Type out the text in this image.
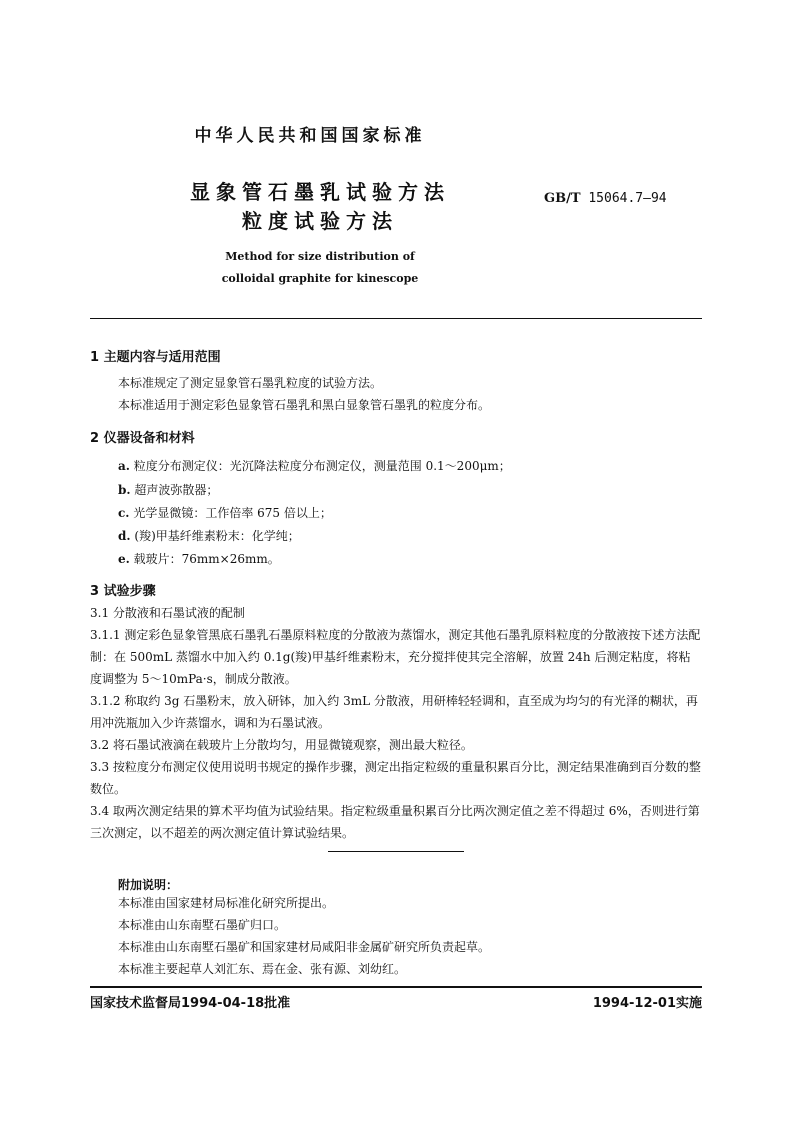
中华人民共和国国家标准
显象管石墨乳试验方法
粒度试验方法
GB/T 15064.7—94
Method for size distribution of
colloidal graphite for kinescope
1 主题内容与适用范围
本标准规定了测定显象管石墨乳粒度的试验方法。
本标准适用于测定彩色显象管石墨乳和黑白显象管石墨乳的粒度分布。
2 仪器设备和材料
a. 粒度分布测定仪：光沉降法粒度分布测定仪，测量范围 0.1～200μm；
b. 超声波弥散器；
c. 光学显微镜：工作倍率 675 倍以上；
d. (羧)甲基纤维素粉末：化学纯；
e. 载玻片：76mm×26mm。
3 试验步骤
3.1 分散液和石墨试液的配制
3.1.1 测定彩色显象管黑底石墨乳石墨原料粒度的分散液为蒸馏水，测定其他石墨乳原料粒度的分散液按下述方法配制：在 500mL 蒸馏水中加入约 0.1g(羧)甲基纤维素粉末，充分搅拌使其完全溶解，放置 24h 后测定粘度，将粘度调整为 5～10mPa·s，制成分散液。
3.1.2 称取约 3g 石墨粉末，放入研钵，加入约 3mL 分散液，用研棒轻轻调和，直至成为均匀的有光泽的糊状，再用冲洗瓶加入少许蒸馏水，调和为石墨试液。
3.2 将石墨试液滴在载玻片上分散均匀，用显微镜观察，测出最大粒径。
3.3 按粒度分布测定仪使用说明书规定的操作步骤，测定出指定粒级的重量积累百分比，测定结果准确到百分数的整数位。
3.4 取两次测定结果的算术平均值为试验结果。指定粒级重量积累百分比两次测定值之差不得超过 6%，否则进行第三次测定，以不超差的两次测定值计算试验结果。
附加说明：
本标准由国家建材局标准化研究所提出。
本标准由山东南墅石墨矿归口。
本标准由山东南墅石墨矿和国家建材局咸阳非金属矿研究所负责起草。
本标准主要起草人刘汇东、焉在金、张有源、刘幼红。
国家技术监督局1994-04-18批准	1994-12-01实施
